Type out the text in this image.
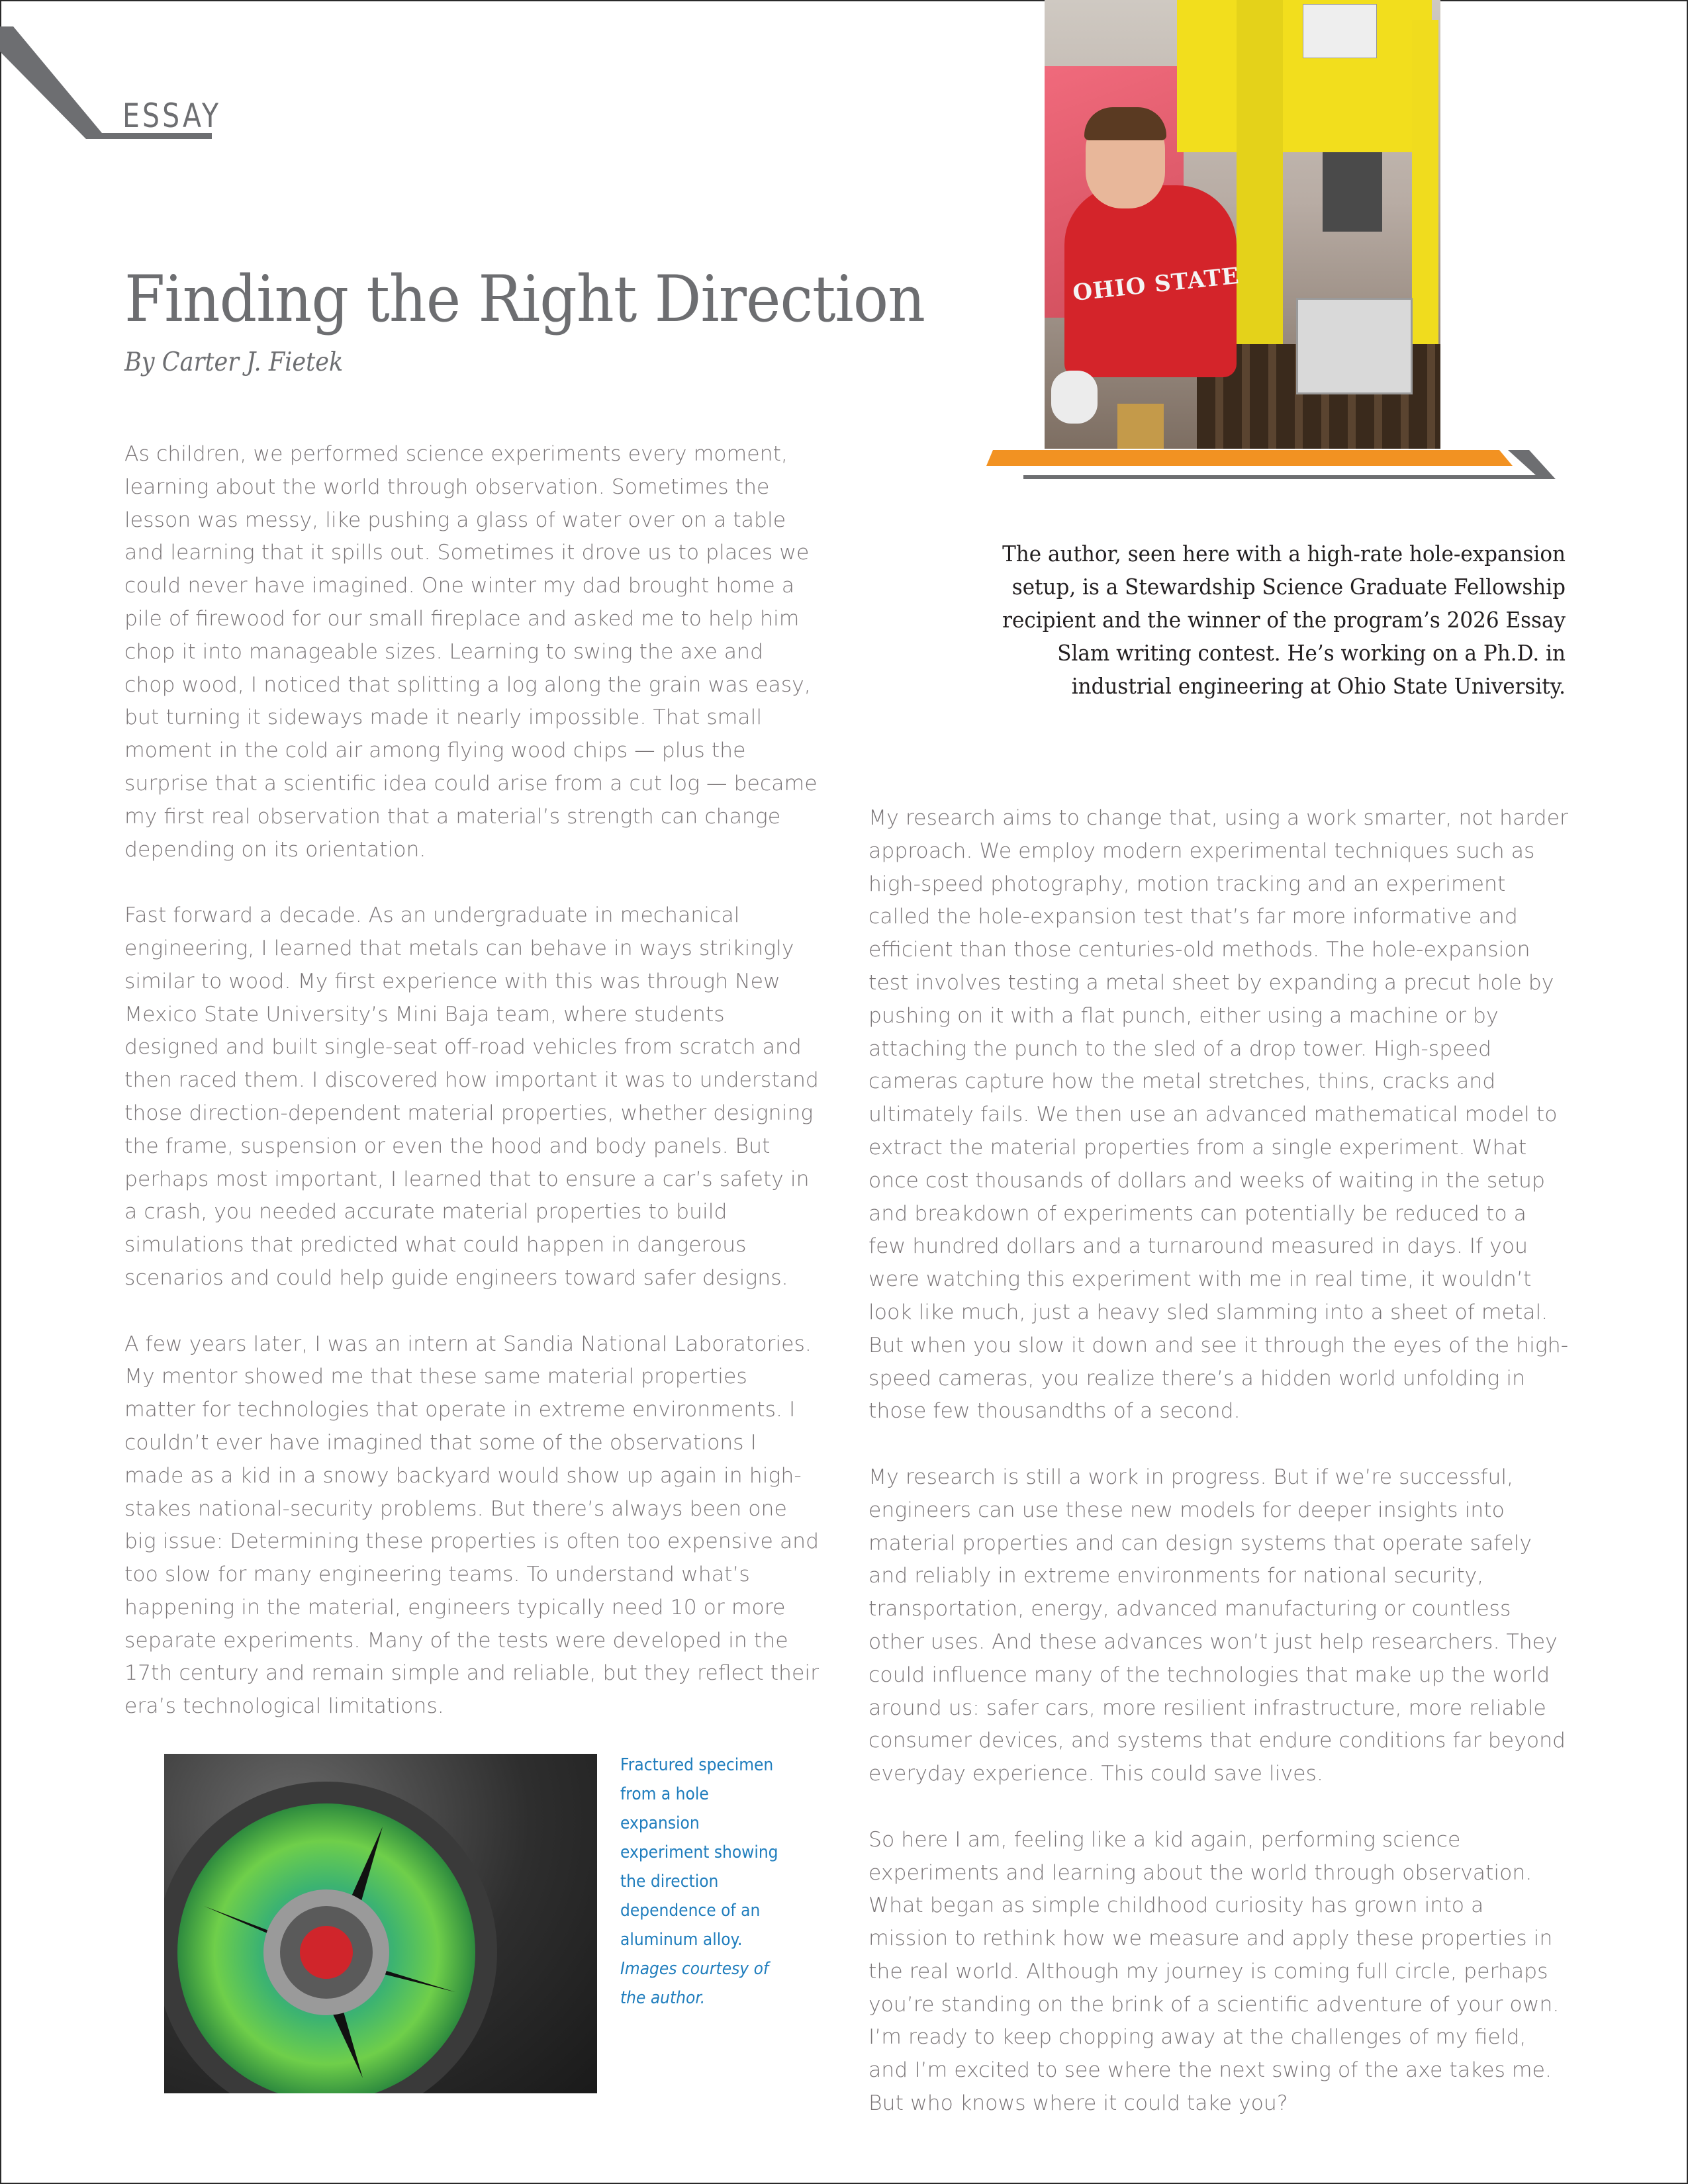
ESSAY
Finding the Right Direction
By Carter J. Fietek
OHIO STATE
The author, seen here with a high-rate hole-expansion setup, is a Stewardship Science Graduate Fellowship recipient and the winner of the program’s 2026 Essay Slam writing contest. He’s working on a Ph.D. in industrial engineering at Ohio State University.

As children, we performed science experiments every moment, learning about the world through observation. Sometimes the lesson was messy, like pushing a glass of water over on a table and learning that it spills out. Sometimes it drove us to places we could never have imagined. One winter my dad brought home a pile of firewood for our small fireplace and asked me to help him chop it into manageable sizes. Learning to swing the axe and chop wood, I noticed that splitting a log along the grain was easy, but turning it sideways made it nearly impossible. That small moment in the cold air among flying wood chips — plus the surprise that a scientific idea could arise from a cut log — became my first real observation that a material’s strength can change depending on its orientation.

Fast forward a decade. As an undergraduate in mechanical engineering, I learned that metals can behave in ways strikingly similar to wood. My first experience with this was through New Mexico State University’s Mini Baja team, where students designed and built single-seat off-road vehicles from scratch and then raced them. I discovered how important it was to understand those direction-dependent material properties, whether designing the frame, suspension or even the hood and body panels. But perhaps most important, I learned that to ensure a car’s safety in a crash, you needed accurate material properties to build simulations that predicted what could happen in dangerous scenarios and could help guide engineers toward safer designs.

A few years later, I was an intern at Sandia National Laboratories. My mentor showed me that these same material properties matter for technologies that operate in extreme environments. I couldn’t ever have imagined that some of the observations I made as a kid in a snowy backyard would show up again in high-stakes national-security problems. But there’s always been one big issue: Determining these properties is often too expensive and too slow for many engineering teams. To understand what’s happening in the material, engineers typically need 10 or more separate experiments. Many of the tests were developed in the 17th century and remain simple and reliable, but they reflect their era’s technological limitations.

My research aims to change that, using a work smarter, not harder approach. We employ modern experimental techniques such as high-speed photography, motion tracking and an experiment called the hole-expansion test that’s far more informative and efficient than those centuries-old methods. The hole-expansion test involves testing a metal sheet by expanding a precut hole by pushing on it with a flat punch, either using a machine or by attaching the punch to the sled of a drop tower. High-speed cameras capture how the metal stretches, thins, cracks and ultimately fails. We then use an advanced mathematical model to extract the material properties from a single experiment. What once cost thousands of dollars and weeks of waiting in the setup and breakdown of experiments can potentially be reduced to a few hundred dollars and a turnaround measured in days. If you were watching this experiment with me in real time, it wouldn’t look like much, just a heavy sled slamming into a sheet of metal. But when you slow it down and see it through the eyes of the high-speed cameras, you realize there’s a hidden world unfolding in those few thousandths of a second.

My research is still a work in progress. But if we’re successful, engineers can use these new models for deeper insights into material properties and can design systems that operate safely and reliably in extreme environments for national security, transportation, energy, advanced manufacturing or countless other uses. And these advances won’t just help researchers. They could influence many of the technologies that make up the world around us: safer cars, more resilient infrastructure, more reliable consumer devices, and systems that endure conditions far beyond everyday experience. This could save lives.

So here I am, feeling like a kid again, performing science experiments and learning about the world through observation. What began as simple childhood curiosity has grown into a mission to rethink how we measure and apply these properties in the real world. Although my journey is coming full circle, perhaps you’re standing on the brink of a scientific adventure of your own. I’m ready to keep chopping away at the challenges of my field, and I’m excited to see where the next swing of the axe takes me. But who knows where it could take you?

Fractured specimen from a hole expansion experiment showing the direction dependence of an aluminum alloy.
Images courtesy of the author.
